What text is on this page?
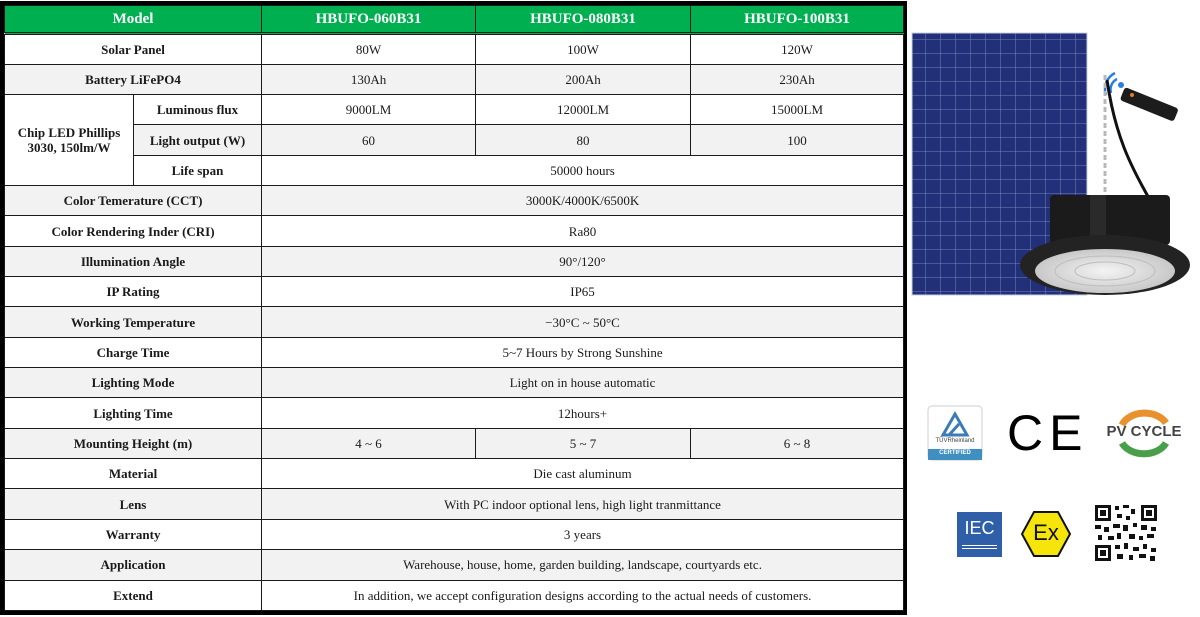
Model		HBUFO-060B31	HBUFO-080B31	HBUFO-100B31
Solar Panel		80W	100W	120W
Battery LiFePO4		130Ah	200Ah	230Ah
Chip LED Phillips 3030, 150lm/W	Luminous flux	9000LM	12000LM	15000LM
	Light output (W)	60	80	100
	Life span	50000 hours		
Color Temerature (CCT)		3000K/4000K/6500K		
Color Rendering Inder (CRI)		Ra80		
Illumination Angle		90°/120°		
IP Rating		IP65		
Working Temperature		−30°C ~ 50°C		
Charge Time		5~7 Hours by Strong Sunshine		
Lighting Mode		Light on in house automatic		
Lighting Time		12hours+		
Mounting Height (m)		4 ~ 6	5 ~ 7	6 ~ 8
Material		Die cast aluminum		
Lens		With PC indoor optional lens, high light tranmittance		
Warranty		3 years		
Application		Warehouse, house, home, garden building, landscape, courtyards etc.		
Extend		In addition, we accept configuration designs according to the actual needs of customers.		
TÜVRheinland
CERTIFIED CE	PV CYCLE
IEC	Ex
